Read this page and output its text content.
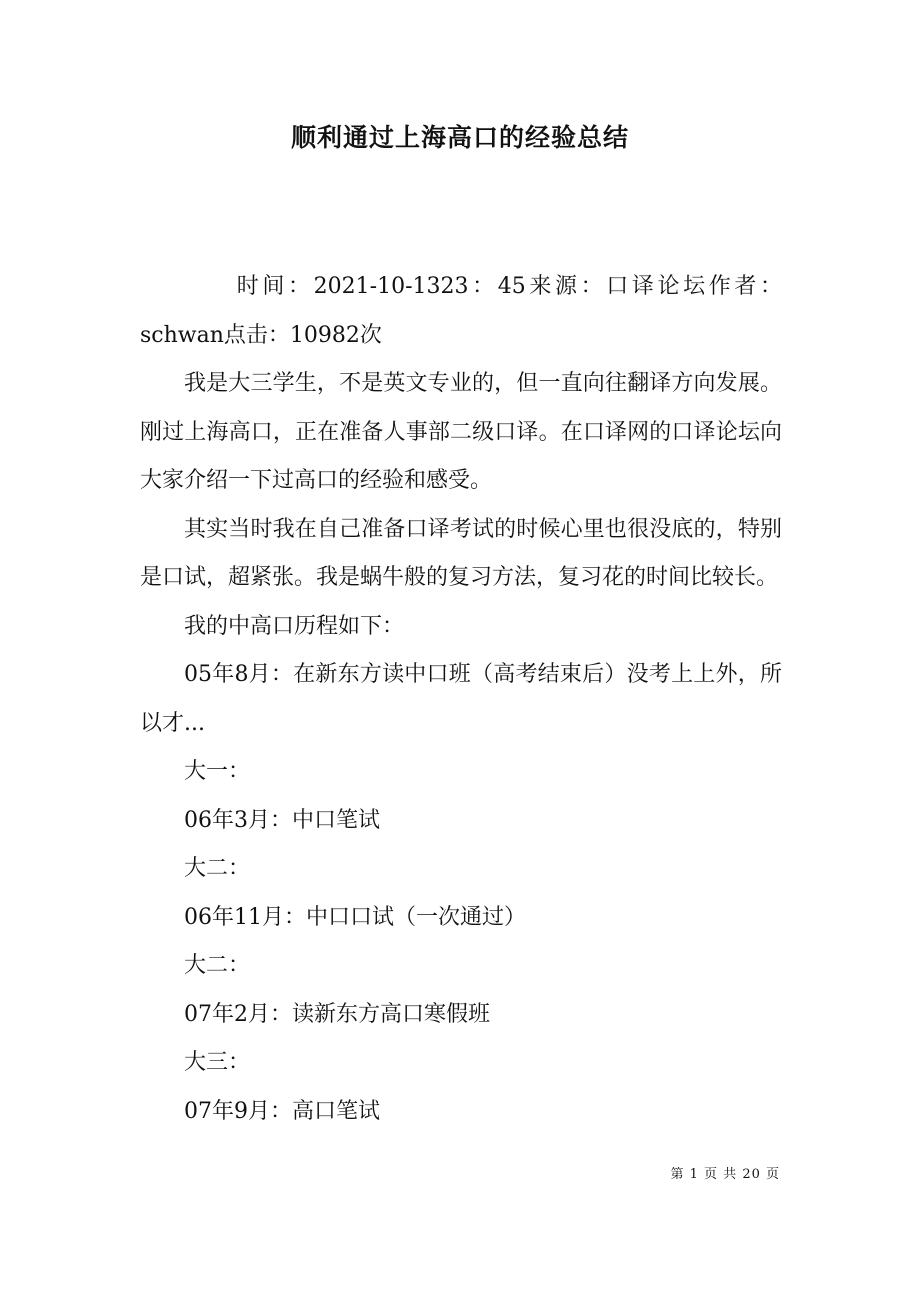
顺利通过上海高口的经验总结

时间：2021-10-1323：45来源：口译论坛作者：schwan点击：10982次

我是大三学生，不是英文专业的，但一直向往翻译方向发展。刚过上海高口，正在准备人事部二级口译。在口译网的口译论坛向大家介绍一下过高口的经验和感受。

其实当时我在自己准备口译考试的时候心里也很没底的，特别是口试，超紧张。我是蜗牛般的复习方法，复习花的时间比较长。

我的中高口历程如下：

05年8月：在新东方读中口班（高考结束后）没考上上外，所以才...

大一：

06年3月：中口笔试

大二：

06年11月：中口口试（一次通过）

大二：

07年2月：读新东方高口寒假班

大三：

07年9月：高口笔试

第 1 页 共 20 页
